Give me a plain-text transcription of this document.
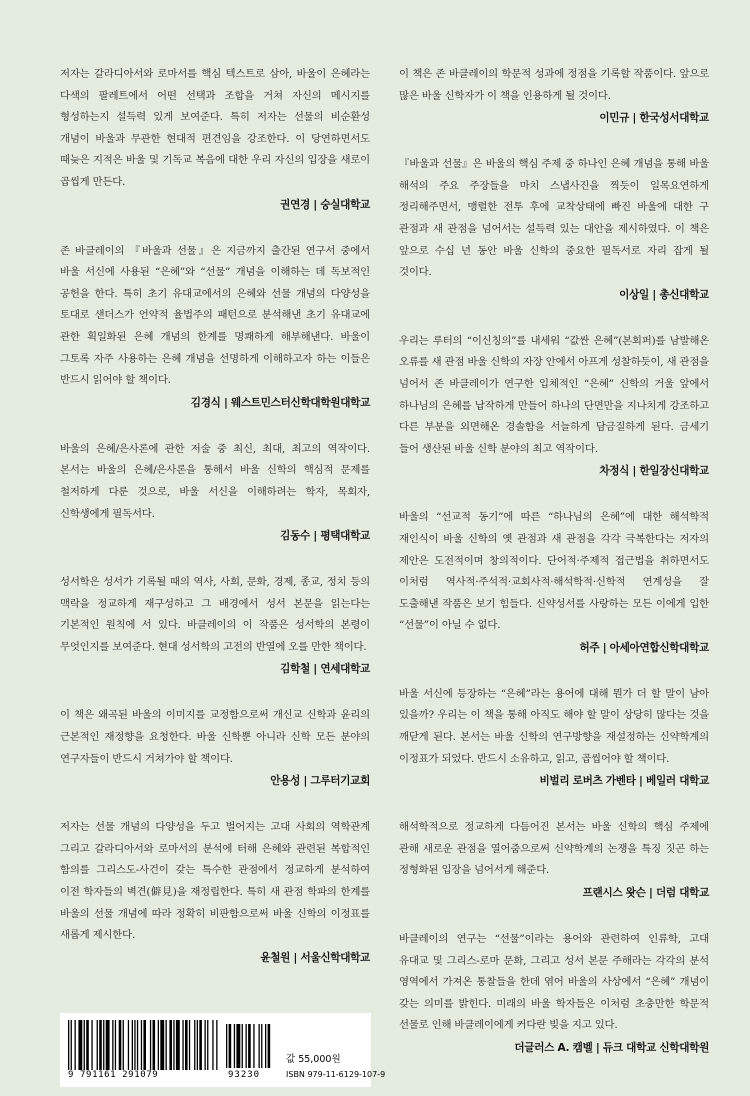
저자는 갈라디아서와 로마서를 핵심 텍스트로 삼아, 바울이 은혜라는 다색의 팔레트에서 어떤 선택과 조합을 거쳐 자신의 메시지를 형성하는지 설득력 있게 보여준다. 특히 저자는 선물의 비순환성 개념이 바울과 무관한 현대적 편견임을 강조한다. 이 당연하면서도 때늦은 지적은 바울 및 기독교 복음에 대한 우리 자신의 입장을 새로이 곱씹게 만든다.

권연경 | 숭실대학교

존 바클레이의 『바울과 선물』은 지금까지 출간된 연구서 중에서 바울 서신에 사용된 “은혜”와 “선물” 개념을 이해하는 데 독보적인 공헌을 한다. 특히 초기 유대교에서의 은혜와 선물 개념의 다양성을 토대로 샌더스가 언약적 율법주의 패턴으로 분석해낸 초기 유대교에 관한 획일화된 은혜 개념의 한계를 명쾌하게 해부해낸다. 바울이 그토록 자주 사용하는 은혜 개념을 선명하게 이해하고자 하는 이들은 반드시 읽어야 할 책이다.

김경식 | 웨스트민스터신학대학원대학교

바울의 은혜/은사론에 관한 저술 중 최신, 최대, 최고의 역작이다. 본서는 바울의 은혜/은사론을 통해서 바울 신학의 핵심적 문제를 철저하게 다룬 것으로, 바울 서신을 이해하려는 학자, 목회자, 신학생에게 필독서다.

김동수 | 평택대학교

성서학은 성서가 기록될 때의 역사, 사회, 문화, 경제, 종교, 정치 등의 맥락을 정교하게 재구성하고 그 배경에서 성서 본문을 읽는다는 기본적인 원칙에 서 있다. 바클레이의 이 작품은 성서학의 본령이 무엇인지를 보여준다. 현대 성서학의 고전의 반열에 오를 만한 책이다.

김학철 | 연세대학교

이 책은 왜곡된 바울의 이미지를 교정함으로써 개신교 신학과 윤리의 근본적인 재정향을 요청한다. 바울 신학뿐 아니라 신학 모든 분야의 연구자들이 반드시 거쳐가야 할 책이다.

안용성 | 그루터기교회

저자는 선물 개념의 다양성을 두고 벌어지는 고대 사회의 역학관계 그리고 갈라디아서와 로마서의 분석에 터해 은혜와 관련된 복합적인 함의를 그리스도-사건이 갖는 특수한 관점에서 정교하게 분석하여 이전 학자들의 벽견(僻見)을 재정립한다. 특히 새 관점 학파의 한계를 바울의 선물 개념에 따라 정확히 비판함으로써 바울 신학의 이정표를 새롭게 제시한다.

윤철원 | 서울신학대학교

이 책은 존 바클레이의 학문적 성과에 정점을 기록할 작품이다. 앞으로 많은 바울 신학자가 이 책을 인용하게 될 것이다.

이민규 | 한국성서대학교

『바울과 선물』은 바울의 핵심 주제 중 하나인 은혜 개념을 통해 바울 해석의 주요 주장들을 마치 스냅사진을 찍듯이 일목요연하게 정리해주면서, 맹렬한 전투 후에 교착상태에 빠진 바울에 대한 구 관점과 새 관점을 넘어서는 설득력 있는 대안을 제시하였다. 이 책은 앞으로 수십 년 동안 바울 신학의 중요한 필독서로 자리 잡게 될 것이다.

이상일 | 총신대학교

우리는 루터의 “이신칭의”를 내세워 “값싼 은혜”(본회퍼)를 남발해온 오류를 새 관점 바울 신학의 자장 안에서 아프게 성찰하듯이, 새 관점을 넘어서 존 바클레이가 연구한 입체적인 “은혜” 신학의 거울 앞에서 하나님의 은혜를 납작하게 만들어 하나의 단면만을 지나치게 강조하고 다른 부분을 외면해온 경솔함을 서늘하게 담금질하게 된다. 금세기 들어 생산된 바울 신학 분야의 최고 역작이다.

차정식 | 한일장신대학교

바울의 “선교적 동기”에 따른 “하나님의 은혜”에 대한 해석학적 재인식이 바울 신학의 옛 관점과 새 관점을 각각 극복한다는 저자의 제안은 도전적이며 창의적이다. 단어적·주제적 접근법을 취하면서도 이처럼 역사적·주석적·교회사적·해석학적·신학적 연계성을 잘 도출해낸 작품은 보기 힘들다. 신약성서를 사랑하는 모든 이에게 입한 “선물”이 아닐 수 없다.

허주 | 아세아연합신학대학교

바울 서신에 등장하는 “은혜”라는 용어에 대해 뭔가 더 할 말이 남아 있을까? 우리는 이 책을 통해 아직도 해야 할 말이 상당히 많다는 것을 깨닫게 된다. 본서는 바울 신학의 연구방향을 재설정하는 신약학계의 이정표가 되었다. 반드시 소유하고, 읽고, 곱씹어야 할 책이다.

비벌리 로버츠 가벤타 | 베일러 대학교

해석학적으로 정교하게 다듬어진 본서는 바울 신학의 핵심 주제에 관해 새로운 관점을 열어줌으로써 신약학계의 논쟁을 특징 짓곤 하는 정형화된 입장을 넘어서게 해준다.

프랜시스 왓슨 | 더럼 대학교

바클레이의 연구는 “선물”이라는 용어와 관련하여 인류학, 고대 유대교 및 그리스-로마 문화, 그리고 성서 본문 주해라는 각각의 분석 영역에서 가져온 통찰들을 한데 엮어 바울의 사상에서 “은혜” 개념이 갖는 의미를 밝힌다. 미래의 바울 학자들은 이처럼 초충만한 학문적 선물로 인해 바클레이에게 커다란 빚을 지고 있다.

더글러스 A. 캠벨 | 듀크 대학교 신학대학원
9 791161 291079	93230
값 55,000원
ISBN 979-11-6129-107-9
